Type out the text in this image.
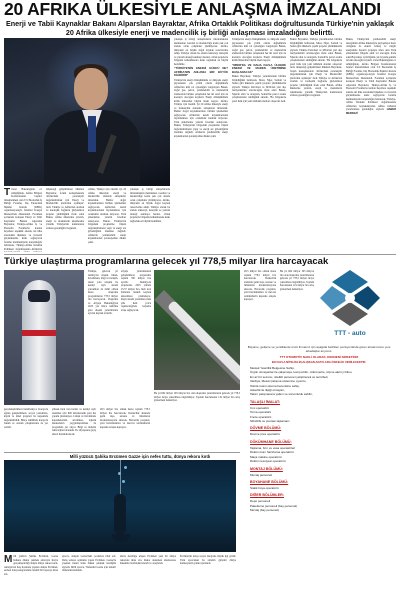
20 AFRIKA ÜLKESİYLE ANLAŞMA İMZALANDI
Enerji ve Tabii Kaynaklar Bakanı Alparslan Bayraktar, Afrika Ortaklık Politikası doğrultusunda Türkiye'nin yaklaşık 20 Afrika ülkesiyle enerji ve madencilik iş birliği anlaşması imzaladığını belirtti.
Ticaret Bakanlığının ev sahipliğinde, Afrika Bölgesi Konferansının beşinci düzenlenmesi olan T-S Ekonomik İş Birliği Forumu, Dış Ekonomik İlişkiler Kurulu (DEİK) organizasyonuyla İstanbul Kongre Merkezi'nde düzenlendi. Forumun açılışında konuşan Enerji ve Tabii Kaynaklar Bakanı Alparslan Bayraktar, Türkiye-Afrika İş ve Ekonomi Forumu'na katılan heyetlere teşekkür ederek, iki ülke arasındaki ilişkilere ve ticaretin güçlenmesine katkı sağlayacak forumu memnuniyetle karşıladığını belirterek, 'Türkiye-Afrika Ortaklık Politikası' doğrultusunda Afrika'nın
müştereği geliştirilmesi hükmen Bayraktar, forum konuşmasında 'Afrika'daki potansiyeli değerlendirmek için Enerji ve Madencilik' platformu açılmıştır' dedi. Türkiye ve Afrika'nın dostluk ve kardeşlik bağlarını güçlendiren projeler yürüttüğünü ifade eden Bakan, Afrika ülkelerine yatırım, enerji ve madenlerin işlenmesine yönelik Türkiye'nin katkılarının artması gerektiğini vurguladı.
Afrika, Türkiye için önemli. İyi 20 Afrika ülkesiyle enerji ve madencilik alanında anlaşmalar imzaladık. Bunlar doğal kaynaklarımızı birlikte işlememizi sağlayacak. Afrika'nın kendi kaynaklarından faydalanması için ortaklıklar kurmak istiyoruz. Türk şirketlerine yatırım fırsatları sunuyoruz. Bakan, Türkiye'nin bölgedeki projelerine ilişkin değerlendirmeler yaptı ve enerji arz güvenliğinin önemine değindi. Afrika'da yenilenebilir enerji kaynaklarının potansiyeline dikkat çekti.
yaklaşık iş birliği anlaşmalarını imzalamaktan memnunuz. Gazdan ve madenciliğe kadar pek çok alanda ortak çalışmalar yürütüyoruz. Afrika, dünyanın en büyük doğal kaynak rezervlerine sahip. Türkiye olarak bu alanda teknoloji, deneyim ve yatırım desteği sunmaya hazırız. Ortak projelerle bölgenin kalkınmasına katkı sağlamak en büyük hedefimiz.
yaklaşık iş birliği anlaşmalarını imzalamaktan memnunuz. Gazdan ve madenciliğe kadar pek çok alanda ortak çalışmalar yürütüyoruz. Afrika, dünyanın en büyük doğal kaynak rezervlerine sahip. Türkiye olarak bu alanda teknoloji, deneyim ve yatırım desteği sunmaya hazırız. Ortak projelerle bölgenin kalkınmasına katkı sağlamak en büyük hedefimiz.
"TÜRKİYE'NİN ENERJİ GÜNCÜ NE? AFRİKA'NIN ANLAMLI BİR BÜYÜK KİLİDİDİR"
Türkiye'nin enerji dönüşümünde ve dünyada enerji piyasasının çok yönlü olarak değişiminde Afrika'nın kilit rol oynadığını vurgulayan Bakan, doğal gaz, petrol, yenilenebilir ve madencilik alanlarında birlikte çalışmanın her iki taraf için de kazançlı olacağını kaydetti. Enerji dönüşümünde kritik mineraller büyük önem taşıyor. Afrika, Türkiye için önemli. İyi 20 Afrika ülkesiyle enerji ve madencilik alanında anlaşmalar imzaladık. Bunlar doğal kaynaklarımızı birlikte işlememizi sağlayacak. Afrika'nın kendi kaynaklarından faydalanması için ortaklıklar kurmak istiyoruz. Türk şirketlerine yatırım fırsatları sunuyoruz. Bakan, Türkiye'nin bölgedeki projelerine ilişkin değerlendirmeler yaptı ve enerji arz güvenliğinin önemine değindi. Afrika'da yenilenebilir enerji kaynaklarının potansiyeline dikkat çekti.
Türkiye'nin enerji dönüşümünde ve dünyada enerji piyasasının çok yönlü olarak değişiminde Afrika'nın kilit rol oynadığını vurgulayan Bakan, doğal gaz, petrol, yenilenebilir ve madencilik alanlarında birlikte çalışmanın her iki taraf için de kazançlı olacağını kaydetti. Enerji dönüşümünde kritik mineraller büyük önem taşıyor.
"MISIR'DA VE DAHA FAZLA ÜLKEDE ENERJİ VE MADEN ÜRETİMİNE BAŞLANACAK"
Bakan Bayraktar, Türkiye yatırımlarının birlikte büyüdüğünü belirterek, Mısır, Nijer, Somali ve Sudan gibi ülkelerle çeşitli projeler yürüttüklerini söyledi. Türkiye Petrolleri ve MTA'nın yurt dışı faaliyetlerinin artırılacağını ifade eden Bakan, Nijerde altın ve uranyum, Somali'de petrol arama çalışmalarının sürdüğünü aktardı. 'Bu bölgelerde yerel halk için yeni istihdam alanları oluşacak' dedi.
Bakan Bayraktar, Türkiye yatırımlarının birlikte büyüdüğünü belirterek, Mısır, Nijer, Somali ve Sudan gibi ülkelerle çeşitli projeler yürüttüklerini söyledi. Türkiye Petrolleri ve MTA'nın yurt dışı faaliyetlerinin artırılacağını ifade eden Bakan, Nijerde altın ve uranyum, Somali'de petrol arama çalışmalarının sürdüğünü aktardı. 'Bu bölgelerde yerel halk için yeni istihdam alanları oluşacak' dedi. müştereği geliştirilmesi hükmen Bayraktar, forum konuşmasında 'Afrika'daki potansiyeli değerlendirmek için Enerji ve Madencilik' platformu açılmıştır' dedi. Türkiye ve Afrika'nın dostluk ve kardeşlik bağlarını güçlendiren projeler yürüttüğünü ifade eden Bakan, Afrika ülkelerine yatırım, enerji ve madenlerin işlenmesine yönelik Türkiye'nin katkılarının artması gerektiğini vurguladı.
Bakan, Türkiye'nin yenilenebilir enerji deneyimini Afrika ülkeleriyle paylaşmaya hazır olduğunu da ekledi. Güneş ve rüzgâr enerjisinde başarılı projelere imza atan Türk şirketlerinin bölgede aktif rol alacağını ifade eden Bayraktar, iş birliğinin çok boyutlu şekilde devam edeceğini söyledi. icaret Bakanlığının ev sahipliğinde, Afrika Bölgesi Konferansının beşinci düzenlenmesi olan T-S Ekonomik İş Birliği Forumu, Dış Ekonomik İlişkiler Kurulu (DEİK) organizasyonuyla İstanbul Kongre Merkezi'nde düzenlendi. Forumun açılışında konuşan Enerji ve Tabii Kaynaklar Bakanı Alparslan Bayraktar, Türkiye-Afrika İş ve Ekonomi Forumu'na katılan heyetlere teşekkür ederek, iki ülke arasındaki ilişkilere ve ticaretin güçlenmesine katkı sağlayacak forumu memnuniyetle karşıladığını belirterek, 'Türkiye-Afrika Ortaklık Politikası' doğrultusunda Afrika'nın kaynaklarından Afrika halkının yararlanması gerektiğini söyledi. HABER MERKEZİ
Türkiye ulaştırma programlarına gelecek yıl 778,5 milyar lira harcayacak
Türkiye, gelecek yıl demiryolu ulaşım, liman, havalimanı, bilgi ve iletişim, deniz yolu ulaşımı ile kentiçi raylı sistem yatırımları da dahil olmak üzere ulaştırma programlarına 778,5 milyar lira harcayacak. Ulaştırma ve Altyapı Bakanlığı'nın 2025 yılı bütçe teklifine göre ulaşım yatırımlarına ayrılan kaynak artırıldı.
altyapı yatırımlarının geliştirilmesi projelerine toplam 350 milyar lira ayrıldı. Demiryolu projelerine 2025 yılında 25,57 milyar lira, hızlı tren hatlarına önemli kaynak aktarılması planlanıyor. Raylı sistem yatırımları hem yük hem yolcu taşımacılığında kapasite artışı sağlayacak.
gerçekleştirilmesi hedefleniyor. Karayolu ağının genişletilmesi, otoyol yatırımları, köprü ve tünel projeleri bu kapsamda değerlendirildi. Bütçe teklifinde karayolu bakım ve onarım çalışmalarına da yer verildi.
yüksek hızlı tren hatları ve kentiçi raylı sistemler için 600 kilometrelik yeni hat yapımı planlanıyor. Liman ve havalimanı kapasitelerinin artırılması, lojistik merkezlerin yaygınlaştırılması da programda yer alıyor. Bilgi ve iletişim teknolojileri alanında 5G altyapısına geçiş süreci hızlandırılacak.
28,5 milyar lira olmak üzere toplam 778,5 milyar lira harcanacak. Denizcilik alanında gemi inşa, tersane ve limanların modernizasyonu sürecek. Havacılık projeleri, yeni havalimanları ve mevcut terminallerin kapasite artışını kapsıyor.
Bu yıl 662 milyar 195 milyon lira olan ulaştırma yatırımlarının gelecek yıl 778,5 milyar liraya çıkarılması öngörülüyor. Toplam harcamanın 119 milyar lira artış göstermesi bekleniyor.
28,5 milyar lira olmak üzere toplam 778,5 milyar lira harcanacak. Denizcilik alanında gemi inşa, tersane ve limanların modernizasyonu sürecek. Havacılık projeleri, yeni havalimanları ve mevcut terminallerin kapasite artışını kapsıyor.
Bu yıl 662 milyar 195 milyon lira olan ulaştırma yatırımlarının gelecek yıl 778,5 milyar liraya çıkarılması öngörülüyor. Toplam harcamanın 119 milyar lira artış göstermesi bekleniyor.
TTT - auto
Büyüme, gelişme ve yeniliklerde öncü firmamız için aşağıda belirtilen pozisyonlarda görev almak üzere yeni arkadaşlar arıyoruz.
TTT OTOMOTİV NAKLİ OLARAK, DERHENİ SİRKETİNİZ
EN FAZLA NİTELİKLİ/ÇALIŞKAN ADAYLARA ÖNCELİK VERİLECEKTİR.
Meslek Yeterlilik Belgesine Sahip,
Ürgün olmayanlar ile çalışmaya, kompozitör, mikrometre, ölçme aleti iyi bilen,
En az bir sezonu, nitelikli personel yetiştirecek ve tecrübeli,
Vardiya, Mesai Çalışma sistemine uyumlu,
Teknik resim okuma becerisine sahip,
Askerlik ile ilişiği olmayan,
Takım çalışmasına yatkın ve sorumluluk sahibi,
TALAŞLI İMALAT:
Cnc operatörü
Torna operatörü
Freze operatörü
Silindirik ve puntası taşlamacı
DÖVME BÖLÜMÜ:
Dövme pres operatörü
DÖKÜMHANE BÖLÜMÜ:
Taşlama, fırın ve vesa operatörleri
Döküm kum hazırlama operatörü
Maça makine operatörü
Döküm tesviyesi operatörü
MONTAJ BÖLÜMÜ:
Montaj personeli
BOYAHANE BÖLÜMÜ:
Statik boya operatörü
DİĞER BÖLÜMLER:
Depo personeli
Paketleme personeli (bay personel)
Montaj (bay personel)
Milli yüzücü Şahika Ercümen Gazze için nefes tuttu, dünya rekoru kırdı
Milli yüzücü Şahika Ercümen, Gazze halkına dikkat çekmek amacıyla Kaş'ta gerçekleştirdiği dalışla dünya rekoru kırdı. Antalya'nın Kaş ilçesinde yapılan dalışta Ercümen, serbest dalış kategorisinde önemli bir başarıya imza attı.
sporcu, dalışını Gazze'deki çocuklara ithaf etti. Dalış sonrası açıklama yapan Ercümen, Gazze'de yaşanan insani krize dikkat çekmek istediğini söyledi. Milli sporcu, 'Nefesimi Gazze için tuttum' ifadelerini kullandı.
metre derinliğe ulaşan Ercümen yeni bir dünya rekoruna imza attı. Rekor denemesi uluslararası hakemler tarafından izlendi ve onaylandı.
Ercümen'in dalışı sosyal medyada büyük ilgi gördü. Türk sporcunun bu anlamlı girişimi dünya kamuoyunda yankı uyandırdı.
